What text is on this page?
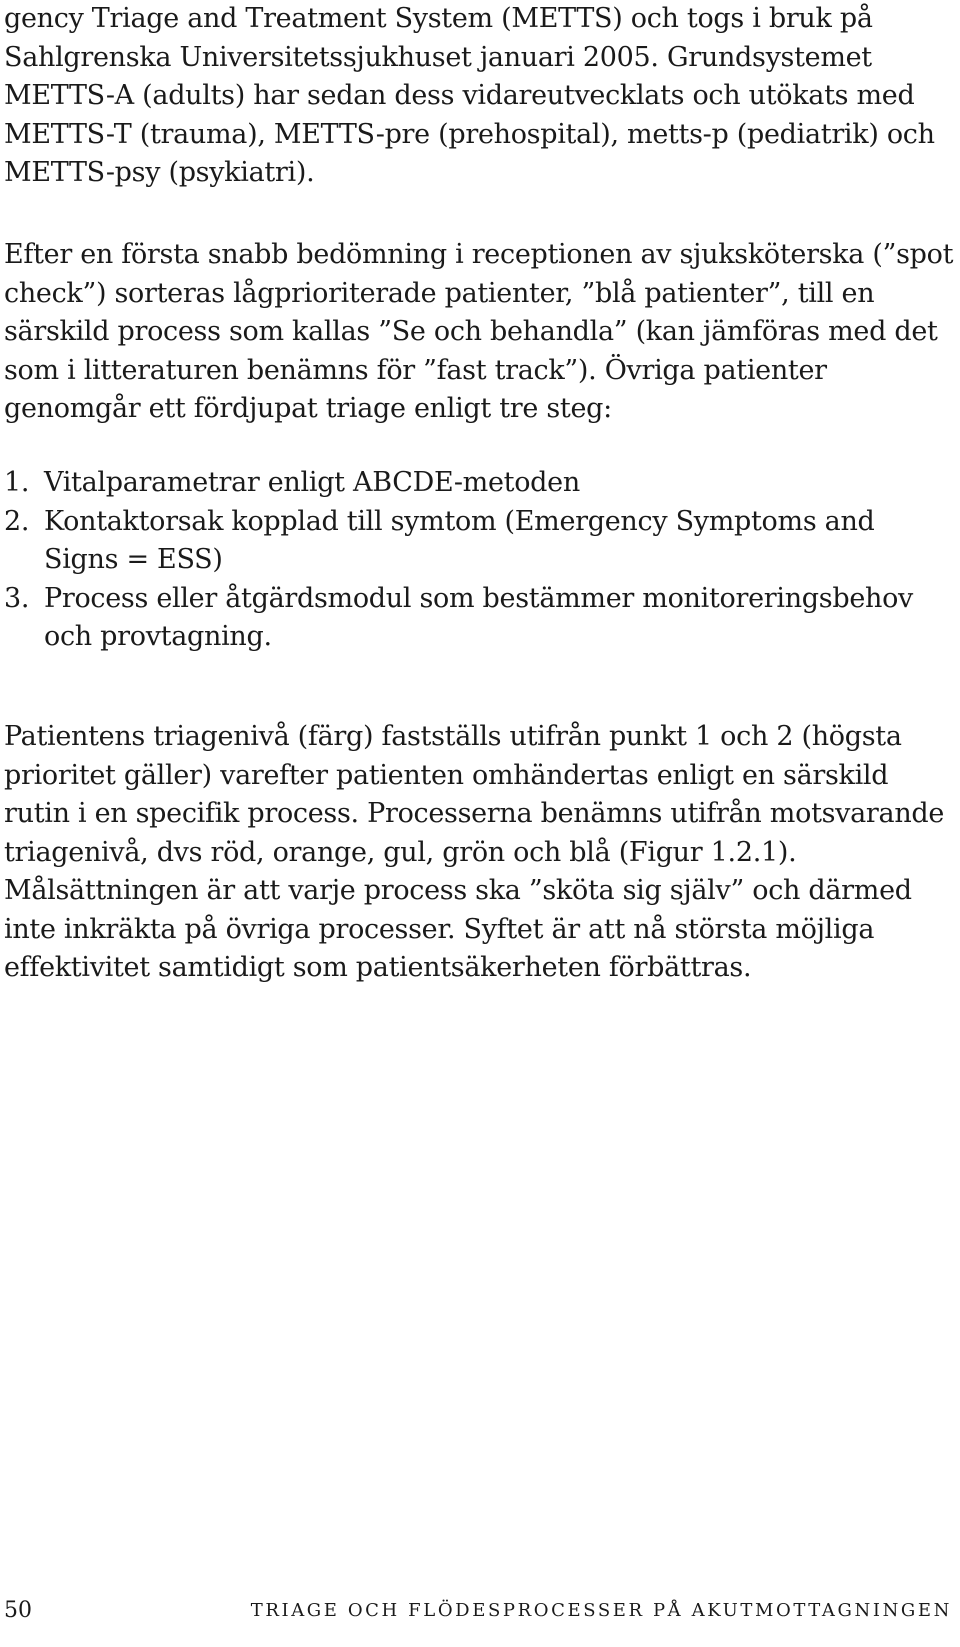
gency Triage and Treatment System (METTS) och togs i bruk på Sahlgrenska Universitetssjukhuset januari 2005. Grundsystemet METTS-A (adults) har sedan dess vidareutvecklats och utökats med METTS-T (trauma), METTS-pre (prehospital), metts-p (pediatrik) och METTS-psy (psykiatri).

Efter en första snabb bedömning i receptionen av sjuksköterska (”spot check”) sorteras lågprioriterade patienter, ”blå patienter”, till en särskild process som kallas ”Se och behandla” (kan jämföras med det som i litteraturen benämns för ”fast track”). Övriga patienter genomgår ett fördjupat triage enligt tre steg:

1. Vitalparametrar enligt ABCDE-metoden
2. Kontaktorsak kopplad till symtom (Emergency Symptoms and Signs = ESS)
3. Process eller åtgärdsmodul som bestämmer monitoreringsbehov och provtagning.

Patientens triagenivå (färg) fastställs utifrån punkt 1 och 2 (högsta prioritet gäller) varefter patienten omhändertas enligt en särskild rutin i en specifik process. Processerna benämns utifrån motsvarande triagenivå, dvs röd, orange, gul, grön och blå (Figur 1.2.1). Målsättningen är att varje process ska ”sköta sig själv” och därmed inte inkräkta på övriga processer. Syftet är att nå största möjliga effektivitet samtidigt som patientsäkerheten förbättras.

50	TRIAGE OCH FLÖDESPROCESSER PÅ AKUTMOTTAGNINGEN
